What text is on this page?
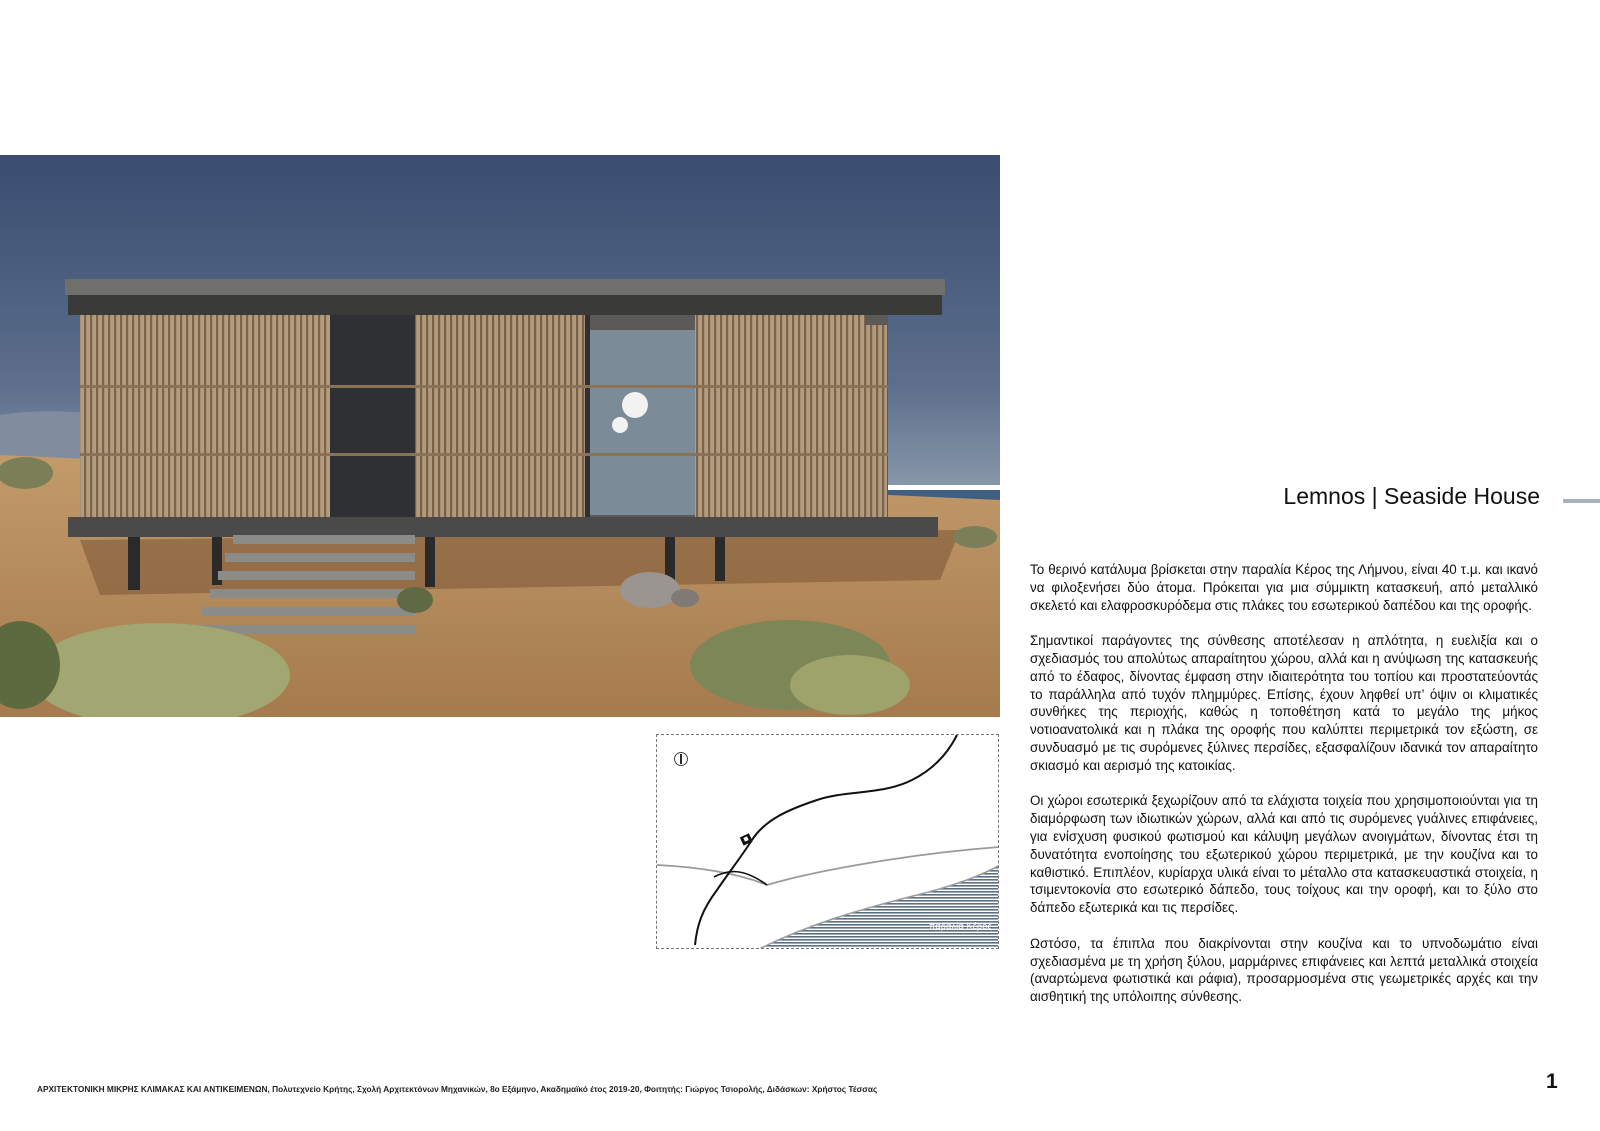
Lemnos | Seaside House

Το θερινό κατάλυμα βρίσκεται στην παραλία Κέρος της Λήμνου, είναι 40 τ.μ. και ικανό να φιλοξενήσει δύο άτομα. Πρόκειται για μια σύμμικτη κατασκευή, από μεταλλικό σκελετό και ελαφροσκυρόδεμα στις πλάκες του εσωτερικού δαπέδου και της οροφής.

Σημαντικοί παράγοντες της σύνθεσης αποτέλεσαν η απλότητα, η ευελιξία και ο σχεδιασμός του απολύτως απαραίτητου χώρου, αλλά και η ανύψωση της κατασκευής από το έδαφος, δίνοντας έμφαση στην ιδιαιτερότητα του τοπίου και προστατεύοντάς το παράλληλα από τυχόν πλημμύρες. Επίσης, έχουν ληφθεί υπ’ όψιν οι κλιματικές συνθήκες της περιοχής, καθώς η τοποθέτηση κατά το μεγάλο της μήκος νοτιοανατολικά και η πλάκα της οροφής που καλύπτει περιμετρικά τον εξώστη, σε συνδυασμό με τις συρόμενες ξύλινες περσίδες, εξασφαλίζουν ιδανικά τον απαραίτητο σκιασμό και αερισμό της κατοικίας.

Οι χώροι εσωτερικά ξεχωρίζουν από τα ελάχιστα τοιχεία που χρησιμοποιούνται για τη διαμόρφωση των ιδιωτικών χώρων, αλλά και από τις συρόμενες γυάλινες επιφάνειες, για ενίσχυση φυσικού φωτισμού και κάλυψη μεγάλων ανοιγμάτων, δίνοντας έτσι τη δυνατότητα ενοποίησης του εξωτερικού χώρου περιμετρικά, με την κουζίνα και το καθιστικό. Επιπλέον, κυρίαρχα υλικά είναι το μέταλλο στα κατασκευαστικά στοιχεία, η τσιμεντοκονία στο εσωτερικό δάπεδο, τους τοίχους και την οροφή, και το ξύλο στο δάπεδο εξωτερικά και τις περσίδες.

Ωστόσο, τα έπιπλα που διακρίνονται στην κουζίνα και το υπνοδωμάτιο είναι σχεδιασμένα με τη χρήση ξύλου, μαρμάρινες επιφάνειες και λεπτά μεταλλικά στοιχεία (αναρτώμενα φωτιστικά και ράφια), προσαρμοσμένα στις γεωμετρικές αρχές και την αισθητική της υπόλοιπης σύνθεσης.

παραλία Κέρος
ΑΡΧΙΤΕΚΤΟΝΙΚΗ ΜΙΚΡΗΣ ΚΛΙΜΑΚΑΣ ΚΑΙ ΑΝΤΙΚΕΙΜΕΝΩΝ, Πολυτεχνείο Κρήτης, Σχολή Αρχιτεκτόνων Μηχανικών, 8ο Εξάμηνο, Ακαδημαϊκό έτος 2019-20, Φοιτητής: Γιώργος Τσιορολής, Διδάσκων: Χρήστος Τέσσας	1
